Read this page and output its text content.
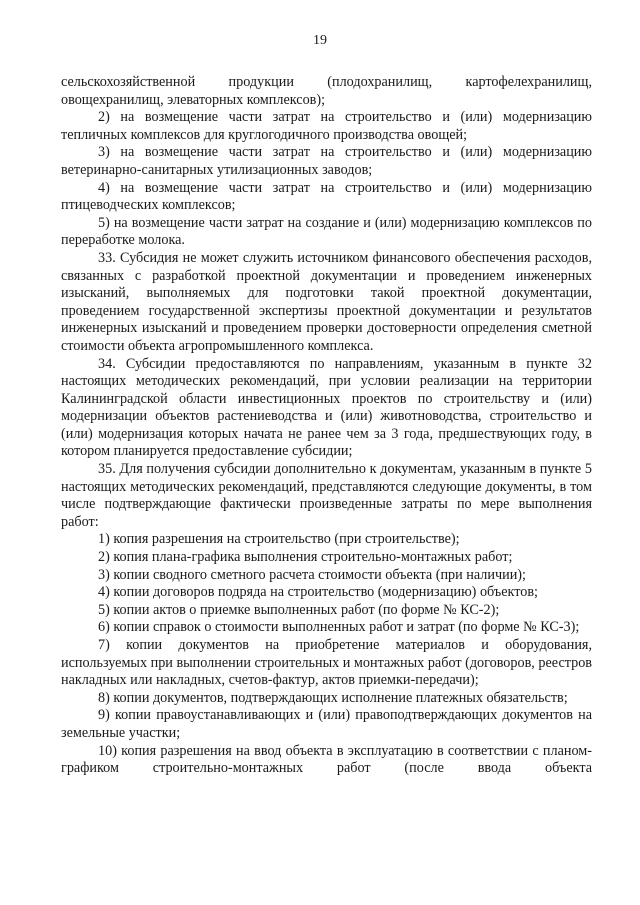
19

сельскохозяйственной продукции (плодохранилищ, картофелехранилищ, овощехранилищ, элеваторных комплексов);

2) на возмещение части затрат на строительство и (или) модернизацию тепличных комплексов для круглогодичного производства овощей;

3) на возмещение части затрат на строительство и (или) модернизацию ветеринарно-санитарных утилизационных заводов;

4) на возмещение части затрат на строительство и (или) модернизацию птицеводческих комплексов;

5) на возмещение части затрат на создание и (или) модернизацию комплексов по переработке молока.

33. Субсидия не может служить источником финансового обеспечения расходов, связанных с разработкой проектной документации и проведением инженерных изысканий, выполняемых для подготовки такой проектной документации, проведением государственной экспертизы проектной документации и результатов инженерных изысканий и проведением проверки достоверности определения сметной стоимости объекта агропромышленного комплекса.

34. Субсидии предоставляются по направлениям, указанным в пункте 32 настоящих методических рекомендаций, при условии реализации на территории Калининградской области инвестиционных проектов по строительству и (или) модернизации объектов растениеводства и (или) животноводства, строительство и (или) модернизация которых начата не ранее чем за 3 года, предшествующих году, в котором планируется предоставление субсидии;

35. Для получения субсидии дополнительно к документам, указанным в пункте 5 настоящих методических рекомендаций, представляются следующие документы, в том числе подтверждающие фактически произведенные затраты по мере выполнения работ:

1) копия разрешения на строительство (при строительстве);

2) копия плана-графика выполнения строительно-монтажных работ;

3) копии сводного сметного расчета стоимости объекта (при наличии);

4) копии договоров подряда на строительство (модернизацию) объектов;

5) копии актов о приемке выполненных работ (по форме № КС-2);

6) копии справок о стоимости выполненных работ и затрат (по форме № КС-3);

7) копии документов на приобретение материалов и оборудования, используемых при выполнении строительных и монтажных работ (договоров, реестров накладных или накладных, счетов-фактур, актов приемки-передачи);

8) копии документов, подтверждающих исполнение платежных обязательств;

9) копии правоустанавливающих и (или) правоподтверждающих документов на земельные участки;

10) копия разрешения на ввод объекта в эксплуатацию в соответствии с планом-графиком строительно-монтажных работ (после ввода объекта
